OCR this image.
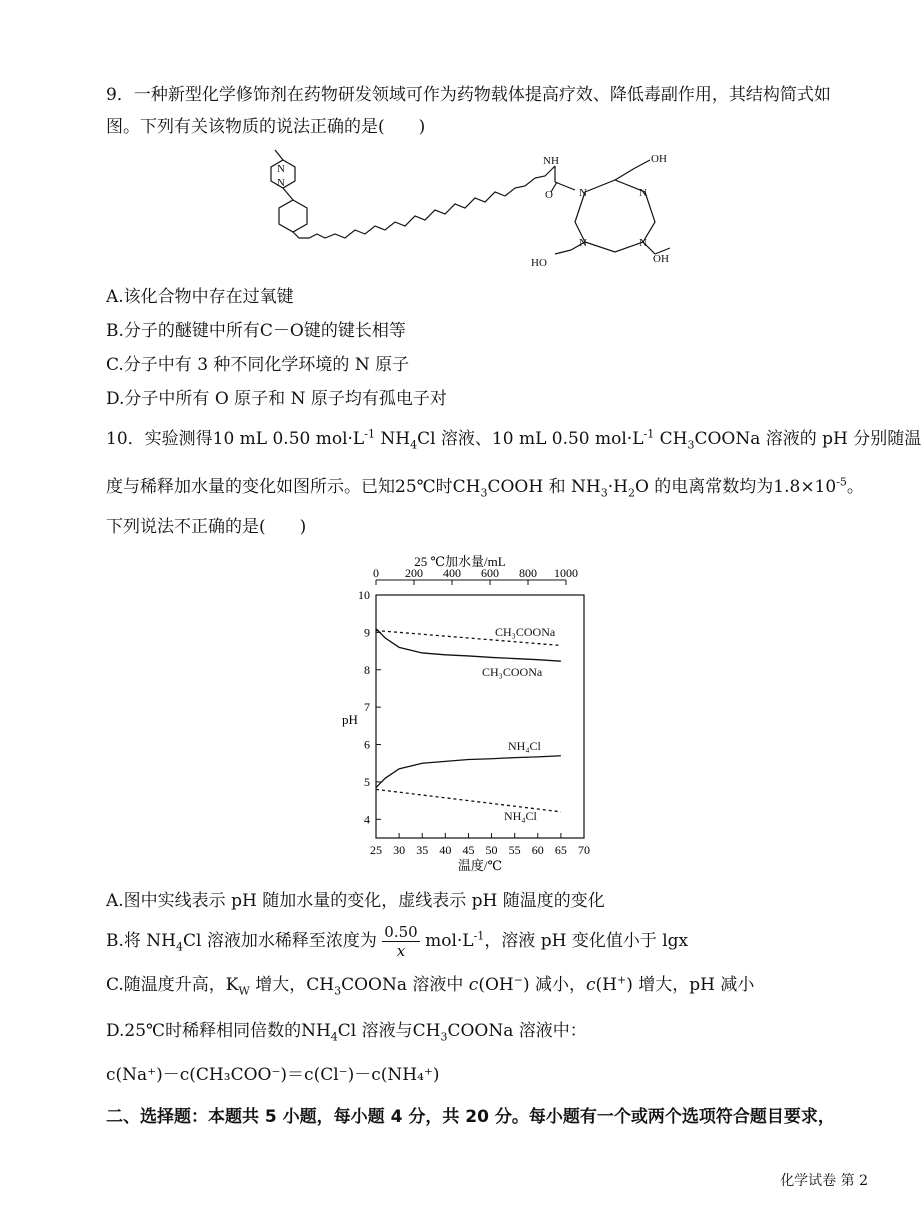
9．一种新型化学修饰剂在药物研发领域可作为药物载体提高疗效、降低毒副作用，其结构简式如
图。下列有关该物质的说法正确的是(　　)
N
N
NH	OH
HO	OH
O N	N
N	N
A.该化合物中存在过氧键
B.分子的醚键中所有C－O键的键长相等
C.分子中有 3 种不同化学环境的 N 原子
D.分子中所有 O 原子和 N 原子均有孤电子对
10．实验测得10 mL 0.50 $mol\cdot L^{-1}$ $NH_4Cl$ 溶液、10 mL 0.50 $mol\cdot L^{-1}$ $CH_3COONa$ 溶液的 pH 分别随温
度与稀释加水量的变化如图所示。已知25℃时$CH_3COOH$ 和 $NH_3\cdot H_2O$ 的电离常数均为$1.8\times 10^{-5}$。
下列说法不正确的是(　　)
25 ℃加水量/mL
0 200 400 600 800 1000
4
5
6
7
8
9
10
25 30 35 40 45 50 55 60 65 70
pH
温度/℃
CH₃COONa
CH₃COONa
NH₄Cl
NH₄Cl
A.图中实线表示 pH 随加水量的变化，虚线表示 pH 随温度的变化
B.将 $NH_4Cl$ 溶液加水稀释至浓度为 $\frac{0.50}{x} mol\cdot L^{-1}$，溶液 pH 变化值小于 lgx
C.随温度升高，$K_W$ 增大，$CH_3COONa$ 溶液中 c(OH−) 减小，c(H+) 增大，pH 减小
D.25℃时稀释相同倍数的$NH_4Cl$ 溶液与$CH_3COONa$ 溶液中：
c(Na⁺)－c(CH₃COO⁻)＝c(Cl⁻)－c(NH₄⁺)
二、选择题：本题共 5 小题，每小题 4 分，共 20 分。每小题有一个或两个选项符合题目要求，
化学试卷 第 2
